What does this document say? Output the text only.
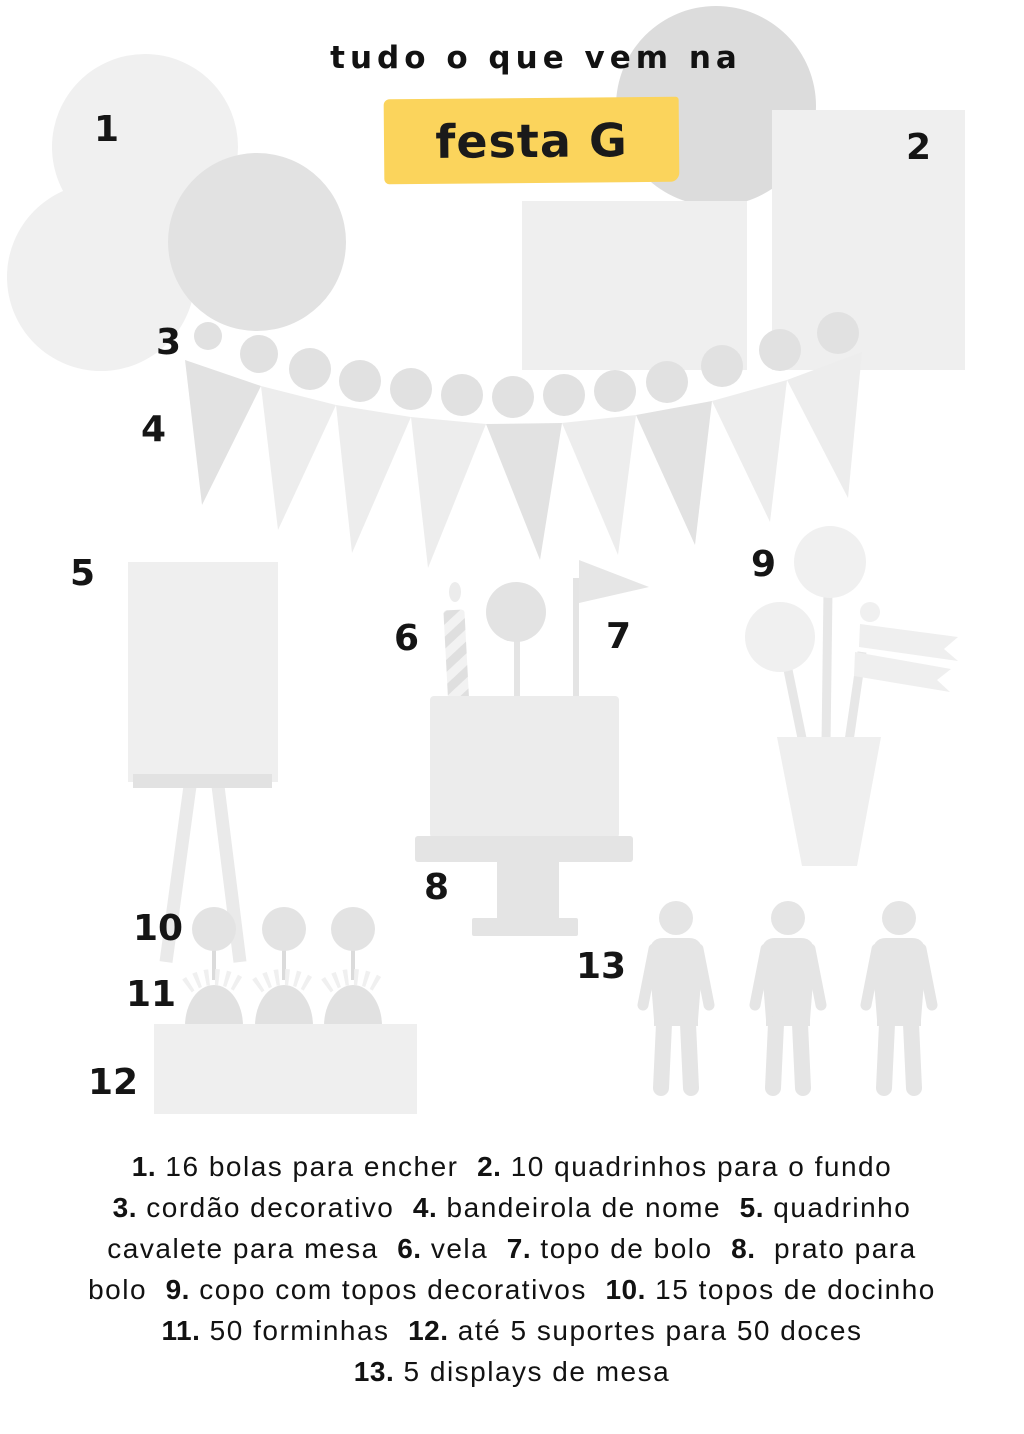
tudo o que vem na
festa G
1	2
3
4
5
6	7
8
9
10
11
12
13
1. 16 bolas para encher  2. 10 quadrinhos para o fundo
3. cordão decorativo  4. bandeirola de nome  5. quadrinho
cavalete para mesa  6. vela  7. topo de bolo  8.  prato para
bolo  9. copo com topos decorativos  10. 15 topos de docinho
11. 50 forminhas  12. até 5 suportes para 50 doces
13. 5 displays de mesa
